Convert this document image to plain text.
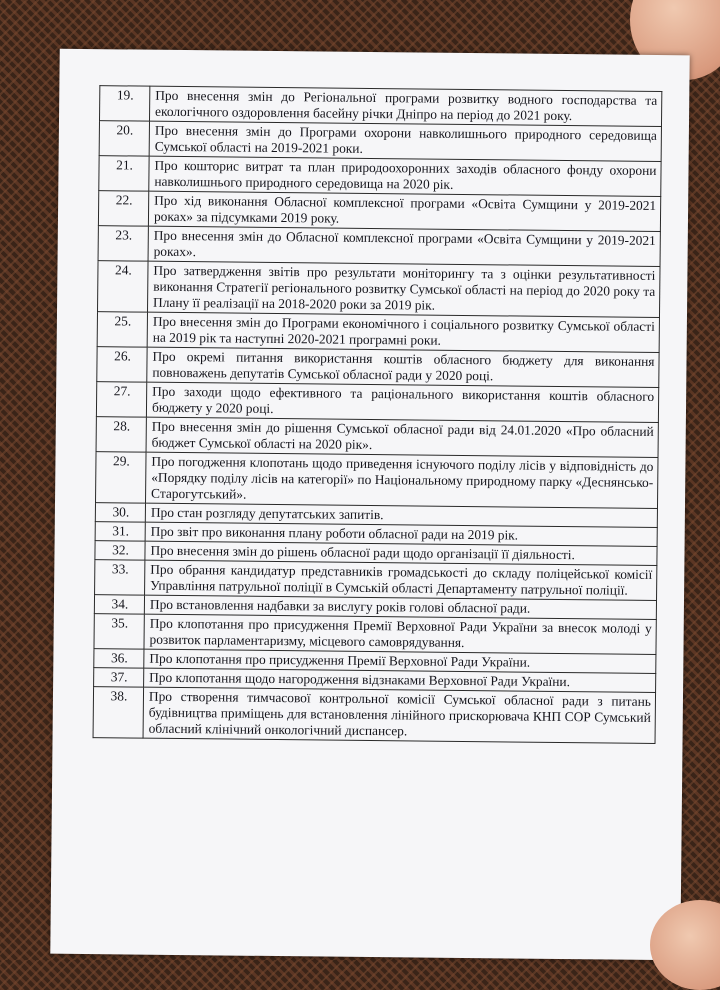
19.	Про внесення змін до Регіональної програми розвитку водного господарства та екологічного оздоровлення басейну річки Дніпро на період до 2021 року.
20.	Про внесення змін до Програми охорони навколишнього природного середовища Сумської області на 2019-2021 роки.
21.	Про кошторис витрат та план природоохоронних заходів обласного фонду охорони навколишнього природного середовища на 2020 рік.
22.	Про хід виконання Обласної комплексної програми «Освіта Сумщини у 2019-2021 роках» за підсумками 2019 року.
23.	Про внесення змін до Обласної комплексної програми «Освіта Сумщини у 2019-2021 роках».
24.	Про затвердження звітів про результати моніторингу та з оцінки результативності виконання Стратегії регіонального розвитку Сумської області на період до 2020 року та Плану її реалізації на 2018-2020 роки за 2019 рік.
25.	Про внесення змін до Програми економічного і соціального розвитку Сумської області на 2019 рік та наступні 2020-2021 програмні роки.
26.	Про окремі питання використання коштів обласного бюджету для виконання повноважень депутатів Сумської обласної ради у 2020 році.
27.	Про заходи щодо ефективного та раціонального використання коштів обласного бюджету у 2020 році.
28.	Про внесення змін до рішення Сумської обласної ради від 24.01.2020 «Про обласний бюджет Сумської області на 2020 рік».
29.	Про погодження клопотань щодо приведення існуючого поділу лісів у відповідність до «Порядку поділу лісів на категорії» по Національному природному парку «Деснянсько-Старогутський».
30.	Про стан розгляду депутатських запитів.
31.	Про звіт про виконання плану роботи обласної ради на 2019 рік.
32.	Про внесення змін до рішень обласної ради щодо організації її діяльності.
33.	Про обрання кандидатур представників громадськості до складу поліцейської комісії Управління патрульної поліції в Сумській області Департаменту патрульної поліції.
34.	Про встановлення надбавки за вислугу років голові обласної ради.
35.	Про клопотання про присудження Премії Верховної Ради України за внесок молоді у розвиток парламентаризму, місцевого самоврядування.
36.	Про клопотання про присудження Премії Верховної Ради України.
37.	Про клопотання щодо нагородження відзнаками Верховної Ради України.
38.	Про створення тимчасової контрольної комісії Сумської обласної ради з питань будівництва приміщень для встановлення лінійного прискорювача КНП СОР Сумський обласний клінічний онкологічний диспансер.
